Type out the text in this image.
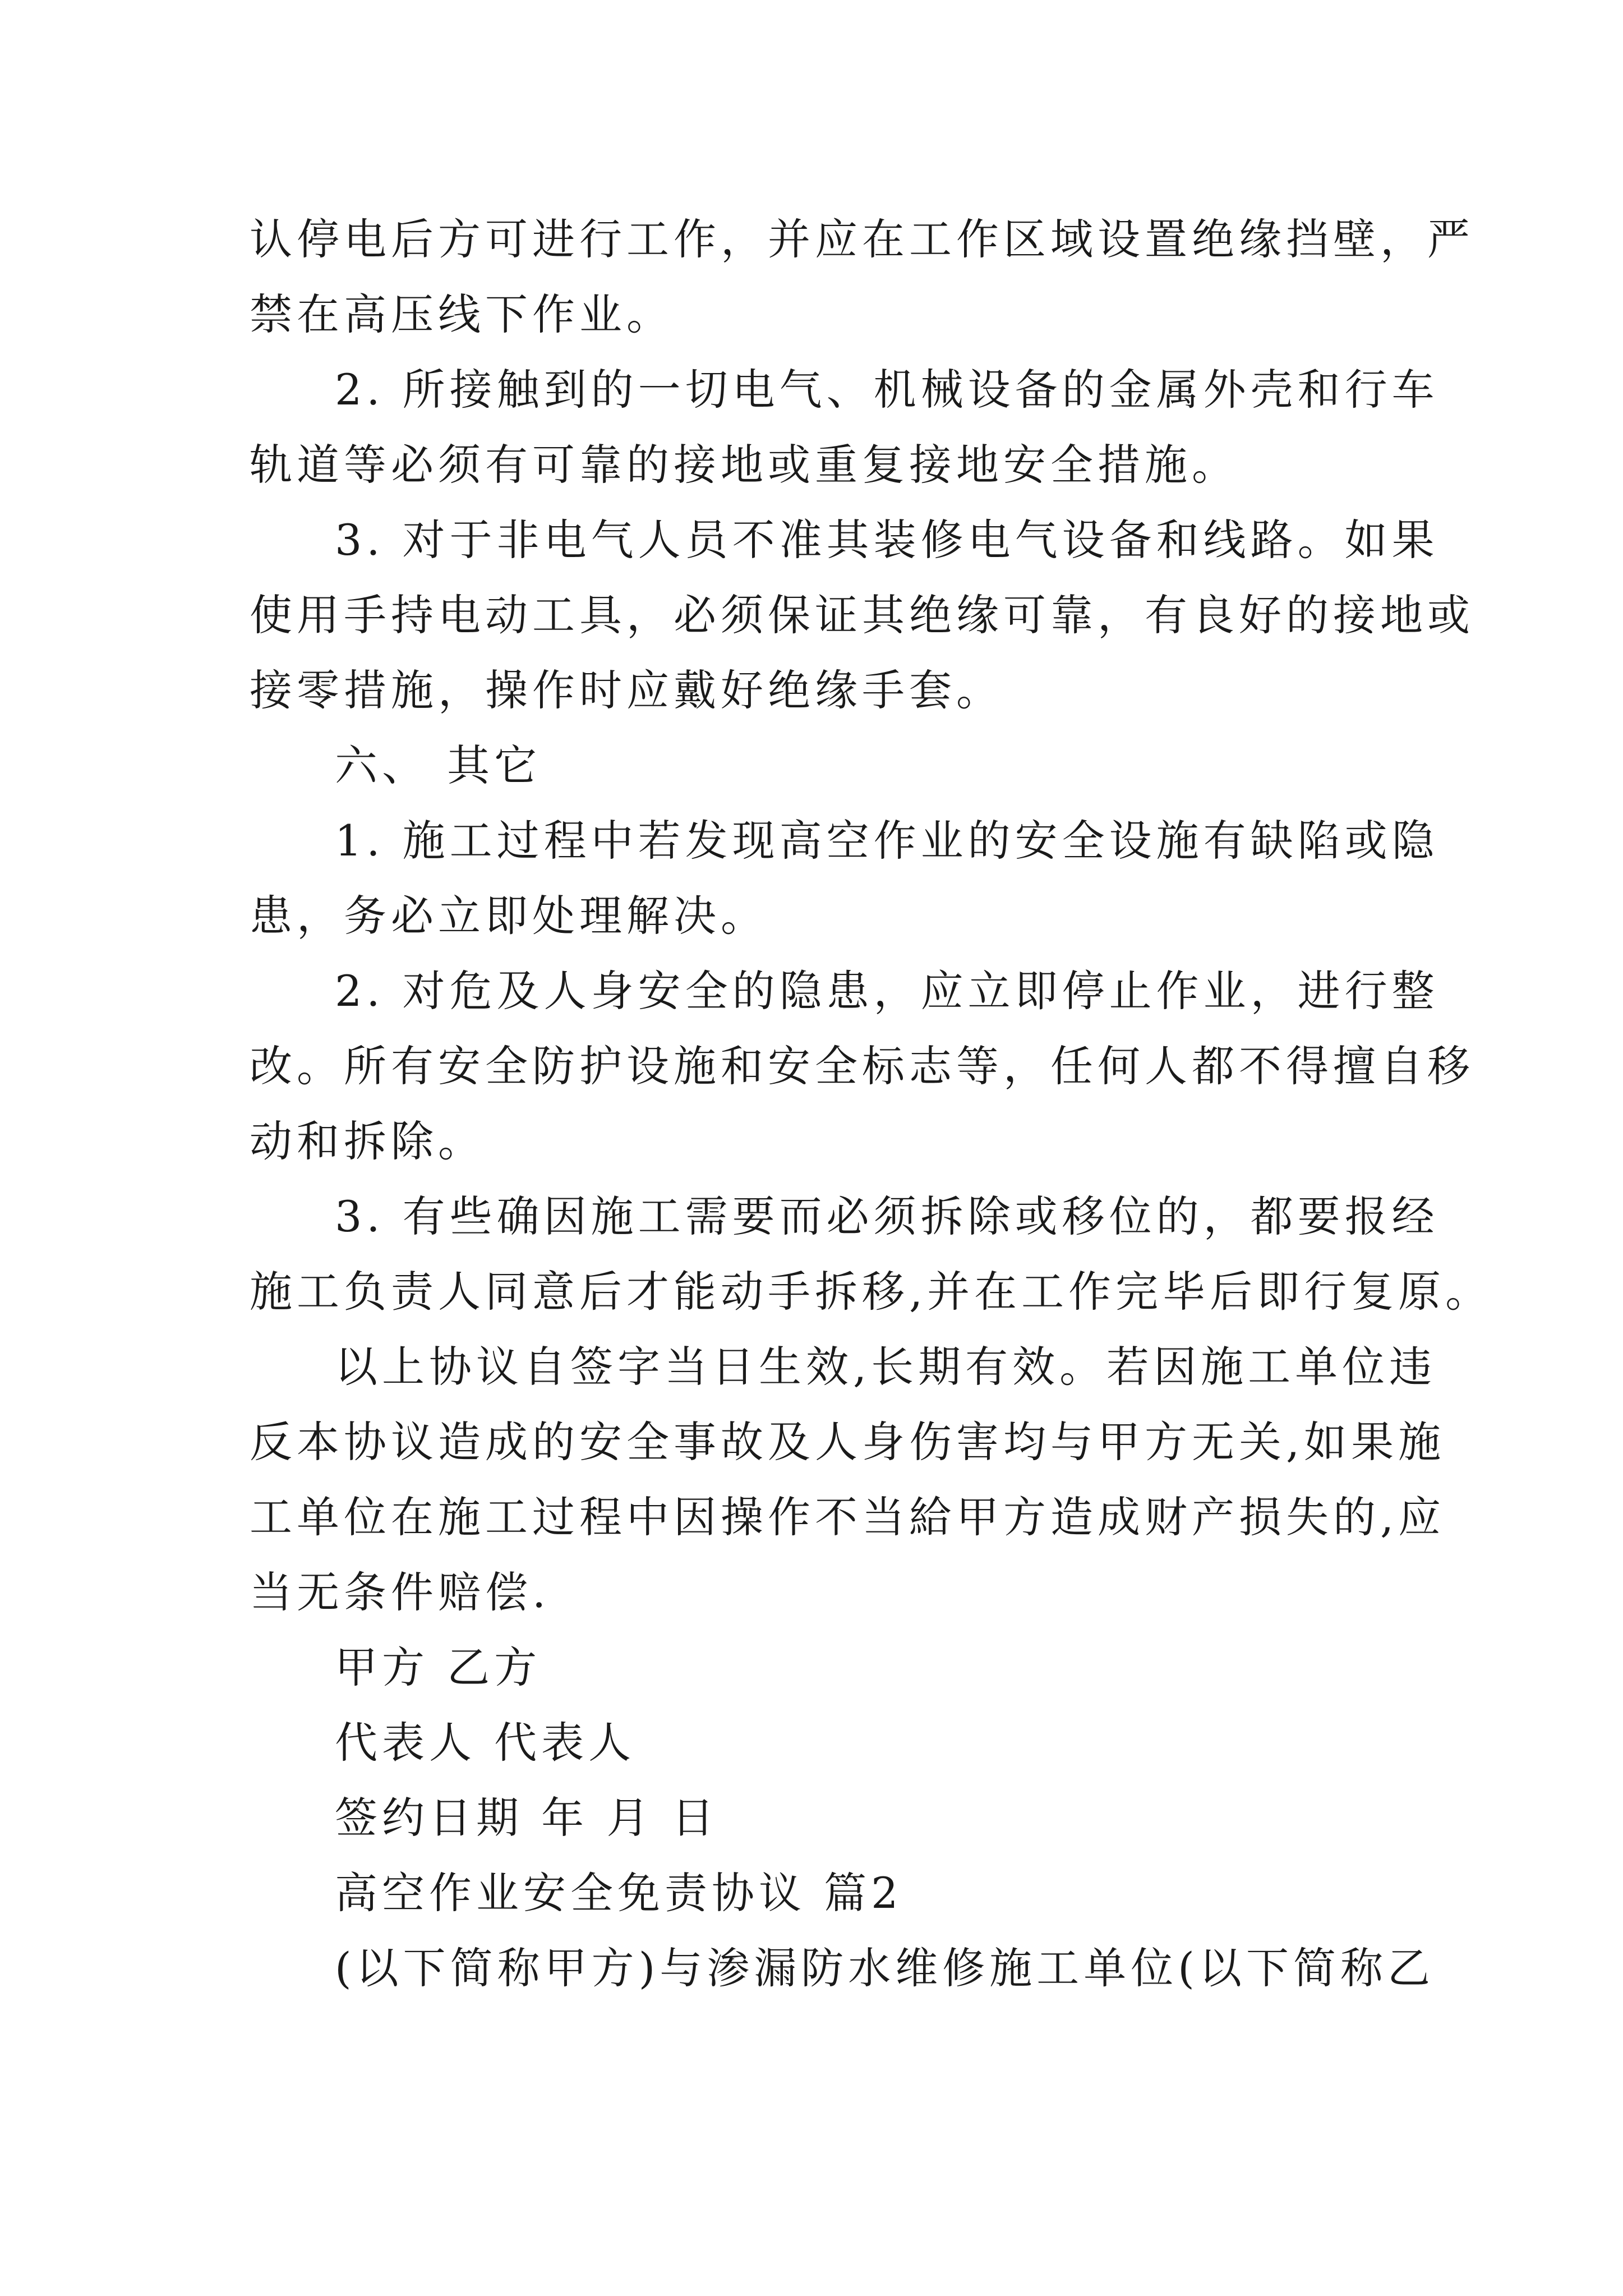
认停电后方可进行工作，并应在工作区域设置绝缘挡壁，严

禁在高压线下作业。

2. 所接触到的一切电气、机械设备的金属外壳和行车

轨道等必须有可靠的接地或重复接地安全措施。

3. 对于非电气人员不准其装修电气设备和线路。如果

使用手持电动工具，必须保证其绝缘可靠，有良好的接地或

接零措施，操作时应戴好绝缘手套。

六、 其它

1. 施工过程中若发现高空作业的安全设施有缺陷或隐

患，务必立即处理解决。

2. 对危及人身安全的隐患，应立即停止作业，进行整

改。所有安全防护设施和安全标志等，任何人都不得擅自移

动和拆除。

3. 有些确因施工需要而必须拆除或移位的，都要报经

施工负责人同意后才能动手拆移,并在工作完毕后即行复原。

以上协议自签字当日生效,长期有效。若因施工单位违

反本协议造成的安全事故及人身伤害均与甲方无关,如果施

工单位在施工过程中因操作不当給甲方造成财产损失的,应

当无条件赔偿.

甲方 乙方

代表人 代表人

签约日期 年 月 日

高空作业安全免责协议 篇2

(以下简称甲方)与渗漏防水维修施工单位(以下简称乙
